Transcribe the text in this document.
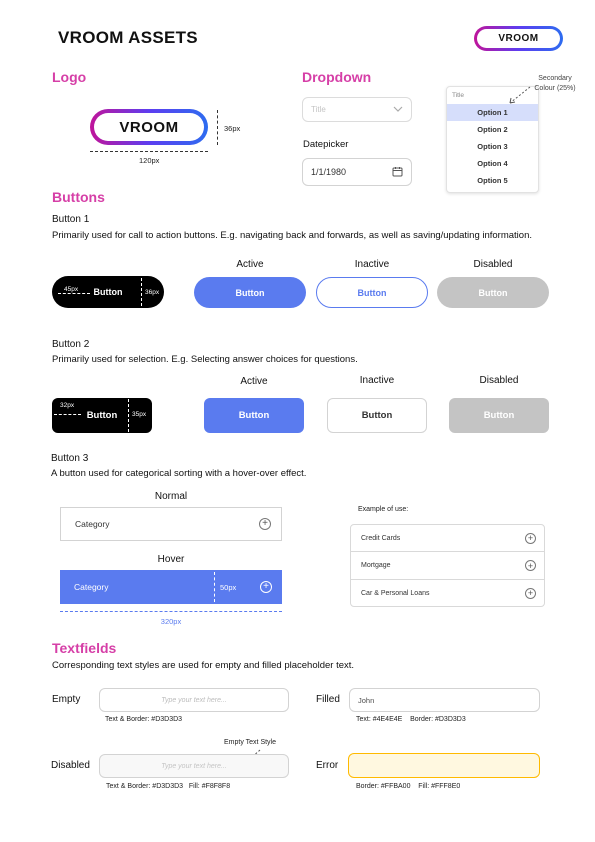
VROOM ASSETS	VROOM
Logo
VROOM	36px
120px
Dropdown
Title
Datepicker
1/1/1980
Title
Option 1
Option 2
Option 3
Option 4
Option 5
Secondary Colour (25%)
Buttons
Button 1
Primarily used for call to action buttons. E.g. navigating back and forwards, as well as saving/updating information.
Button
45px	36px
Active	Inactive	Disabled
Button	Button	Button
Button 2
Primarily used for selection. E.g. Selecting answer choices for questions.
Button
32px
35px
Active	Inactive	Disabled
Button	Button	Button
Button 3
A button used for categorical sorting with a hover-over effect.
Normal
Category	+
Hover
Category	+
50px
320px
Example of use:
Credit Cards	+
Mortgage	+
Car & Personal Loans	+
Textfields
Corresponding text styles are used for empty and filled placeholder text.
Empty	Type your text here...
Text & Border: #D3D3D3
Filled John
Text: #4E4E4E    Border: #D3D3D3
Empty Text Style
Disabled	Type your text here...
Text & Border: #D3D3D3   Fill: #F8F8F8
Error
Border: #FFBA00    Fill: #FFF8E0
